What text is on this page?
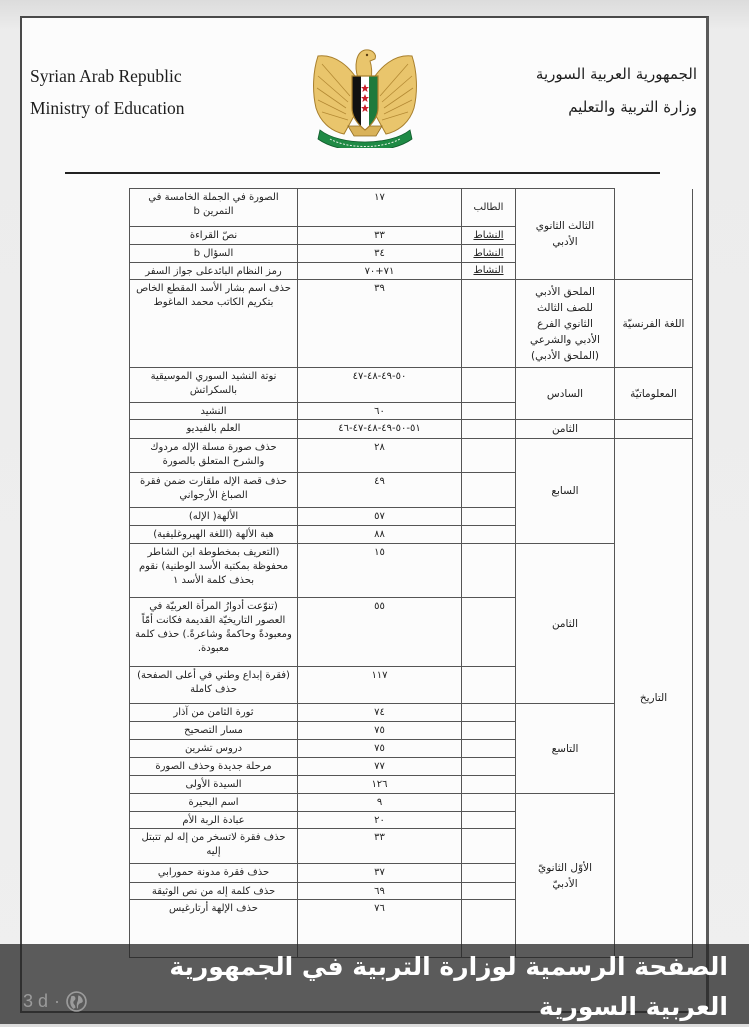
Syrian Arab Republic
Ministry of Education
الجمهورية العربية السورية
وزارة التربية والتعليم
	الثالث الثانوي الأدبي	الطالب	١٧	الصورة في الجملة الخامسة في التمرين b
		النشاط	٣٣	نصّ القراءة
		النشاط	٣٤	السؤال b
		النشاط	٧٠+٧١	رمز النظام البائدعلى جواز السفر
اللغة الفرنسيّة	الملحق الأدبي للصف الثالث الثانوي الفرع الأدبي والشرعي (الملحق الأدبي)		٣٩	حذف اسم بشار الأسد المقطع الخاص بتكريم الكاتب محمد الماغوط
المعلوماتيّة	السادس		٤٧-٤٨-٤٩-٥٠	نوتة النشيد السوري الموسيقية بالسكراتش
			٦٠	النشيد
	الثامن		٤٦-٤٧-٤٨-٤٩-٥٠-٥١	العلم بالفيديو
التاريخ	السابع		٢٨	حذف صورة مسلة الإله مردوك والشرح المتعلق بالصورة
			٤٩	حذف قصة الإله ملقارت ضمن فقرة الصباغ الأرجواني
			٥٧	الألهة( الإله)
			٨٨	هبة الألهة (اللغة الهيروغليفية)
	الثامن		١٥	(التعريف بمخطوطة ابن الشاطر محفوظة بمكتبة الأسد الوطنية) نقوم بحذف كلمة الأسد ١
			٥٥	(تنوّعت أدوارُ المرأة العربيّة في العصور التاريخيّة القديمة فكانت أمّاً ومعبودةً وحاكمةً وشاعرةً.) حذف كلمة معبودة.
			١١٧	(فقرة إبداع وطني في أعلى الصفحة) حذف كاملة
	التاسع		٧٤	ثورة الثامن من آذار
			٧٥	مسار التصحيح
			٧٥	دروس تشرين
			٧٧	مرحلة جديدة وحذف الصورة
			١٢٦	السيدة الأولى
	الأوّل الثانويّ الأدبيّ		٩	اسم البحيرة
			٢٠	عبادة الربة الأم
			٣٣	حذف فقرة لاتسخر من إله لم تتبتل إليه
			٣٧	حذف فقرة مدونة حمورابي
			٦٩	حذف كلمة إله من نص الوثيقة
			٧٦	حذف الإلهة أرتارغيس
الصفحة الرسمية لوزارة التربية في الجمهورية العربية السورية
3 d ·
